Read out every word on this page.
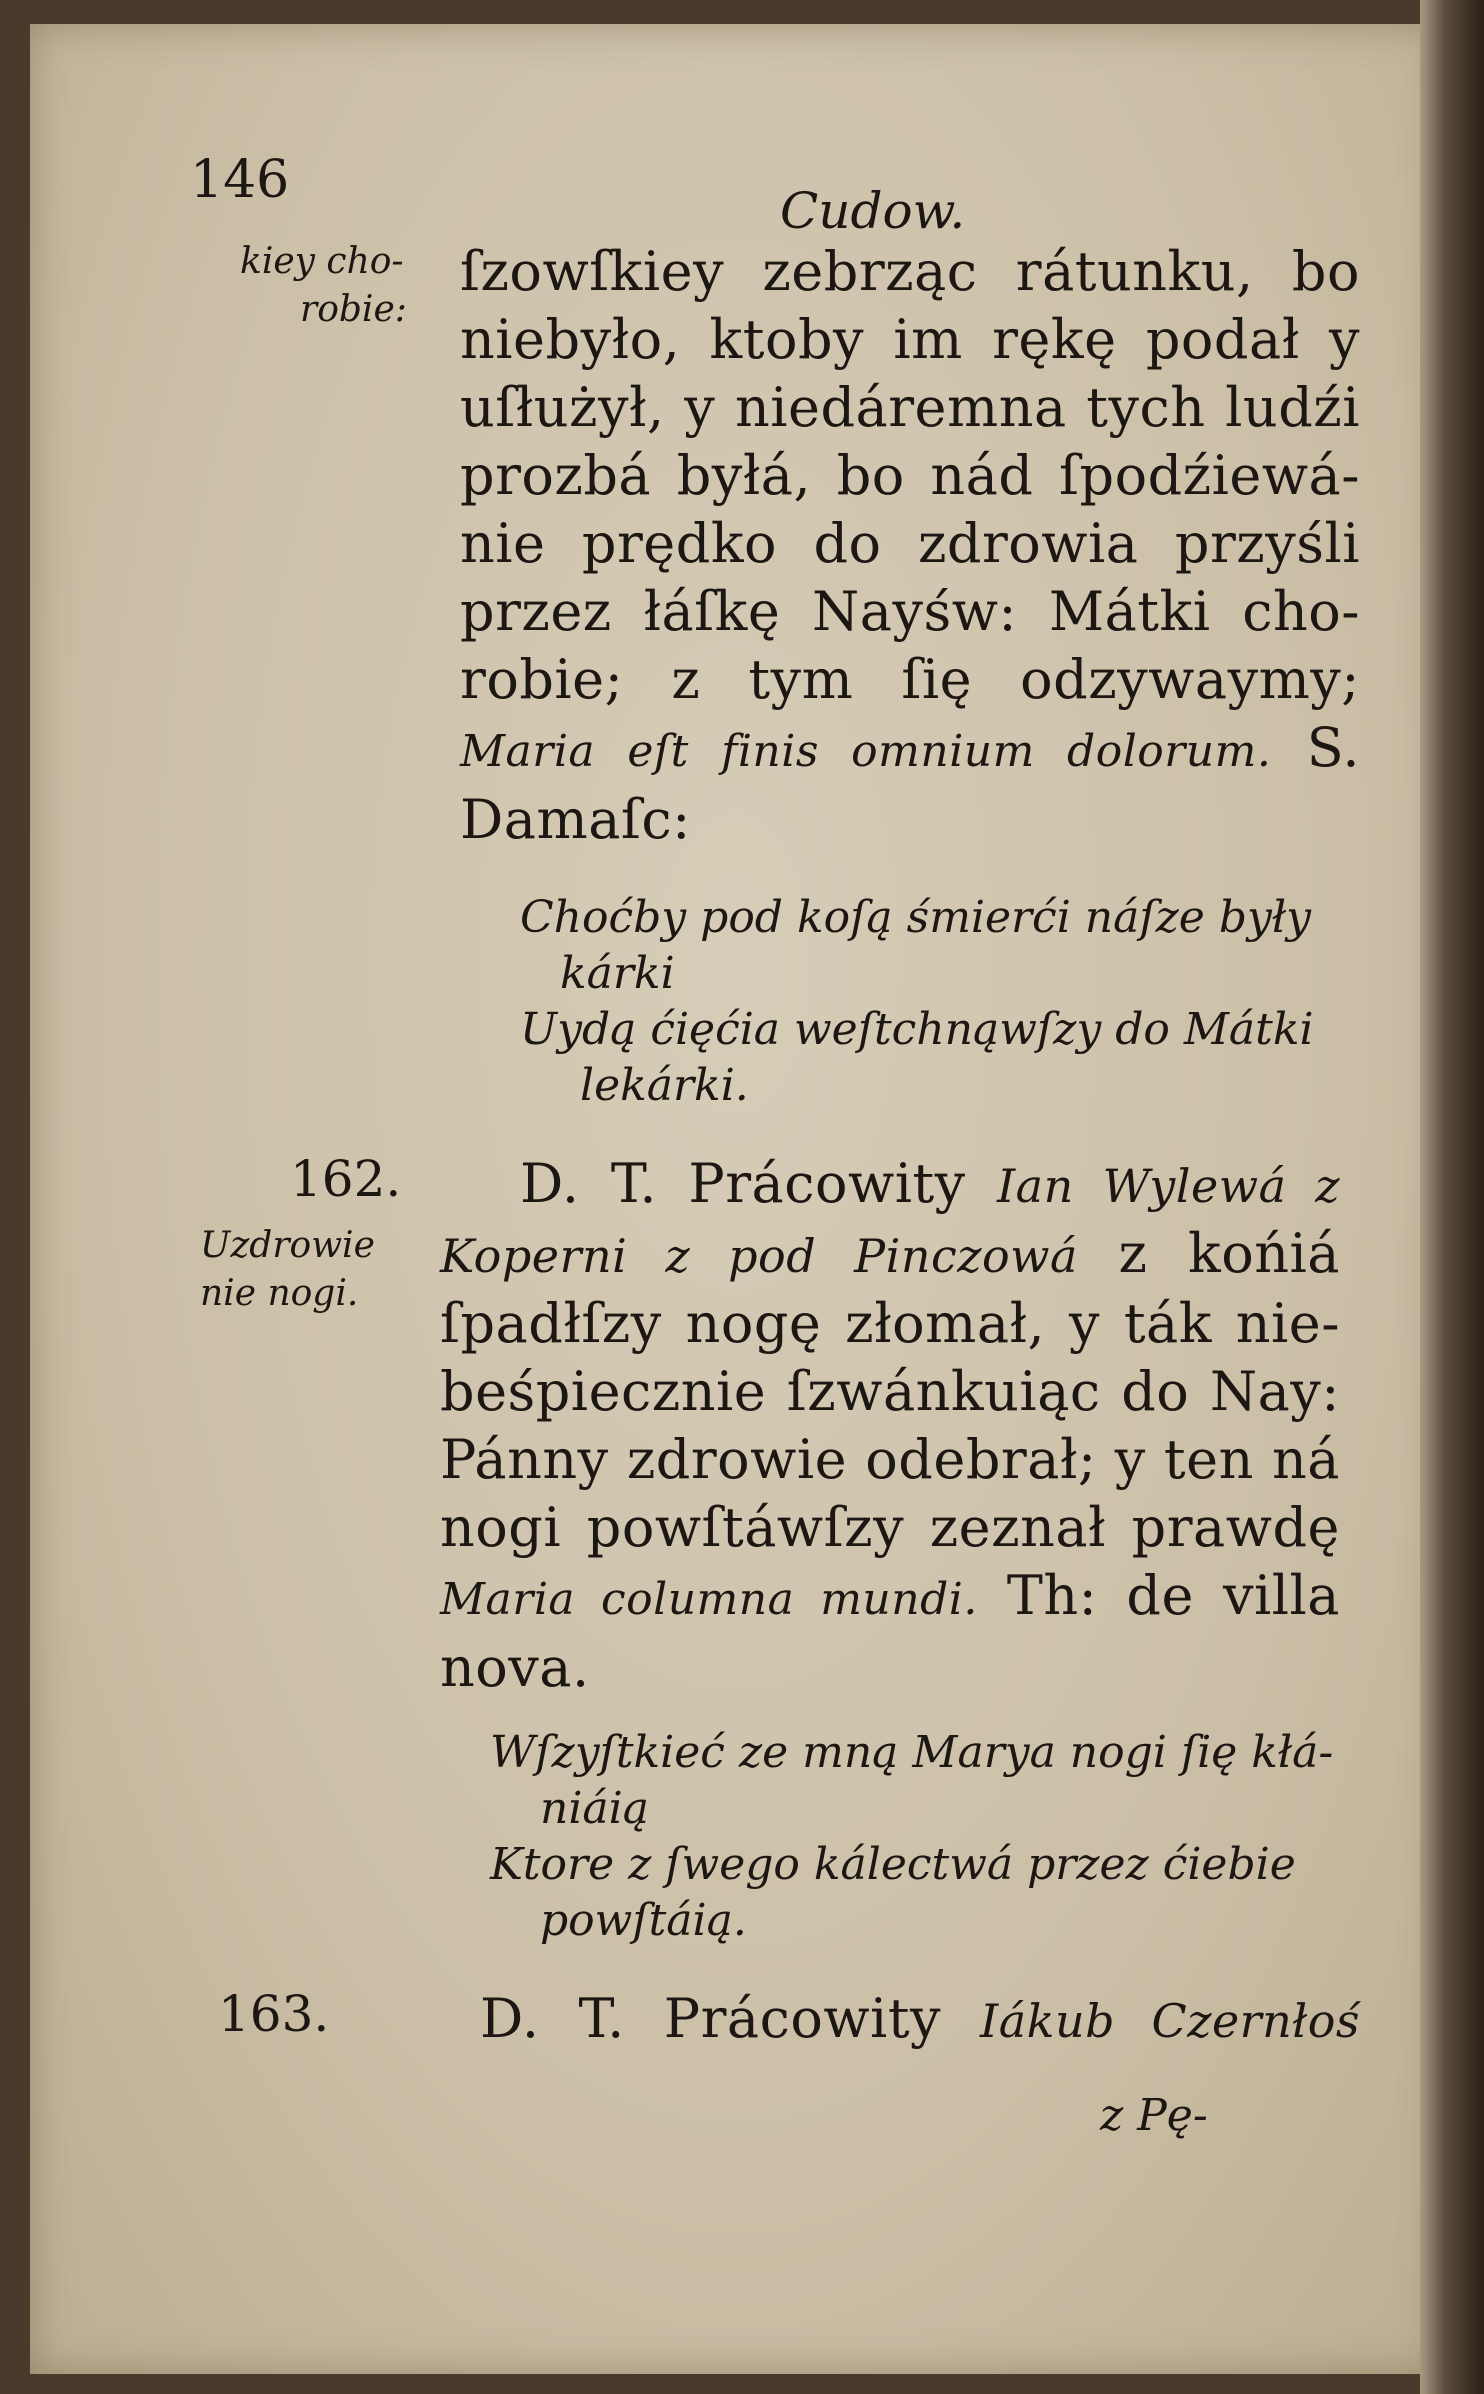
146
Cudow.
kiey cho-
robie:
ſzowſkiey zebrząc rátunku, bo
niebyło, ktoby im rękę podał y
uſłużył, y niedáremna tych ludźi
prozbá byłá, bo nád ſpodźiewá-
nie prędko do zdrowia przyśli
przez łáſkę Nayśw: Mátki cho-
robie; z tym ſię odzywaymy;
Maria eſt finis omnium dolorum. S.
Damaſc:
Choćby pod koſą śmierći náſze były
kárki
Uydą ćięćia weſtchnąwſzy do Mátki
lekárki.
162.
Uzdrowie
nie nogi.
D. T. Prácowity Ian Wylewá z
Koperni z pod Pinczowá z końiá
ſpadłſzy nogę złomał, y ták nie-
beśpiecznie ſzwánkuiąc do Nay:
Pánny zdrowie odebrał; y ten ná
nogi powſtáwſzy zeznał prawdę
Maria columna mundi. Th: de villa
nova.
Wſzyſtkieć ze mną Marya nogi ſię kłá-
niáią
Ktore z ſwego kálectwá przez ćiebie
powſtáią.
163.	D. T. Prácowity Iákub Czernłoś
z Pę-
